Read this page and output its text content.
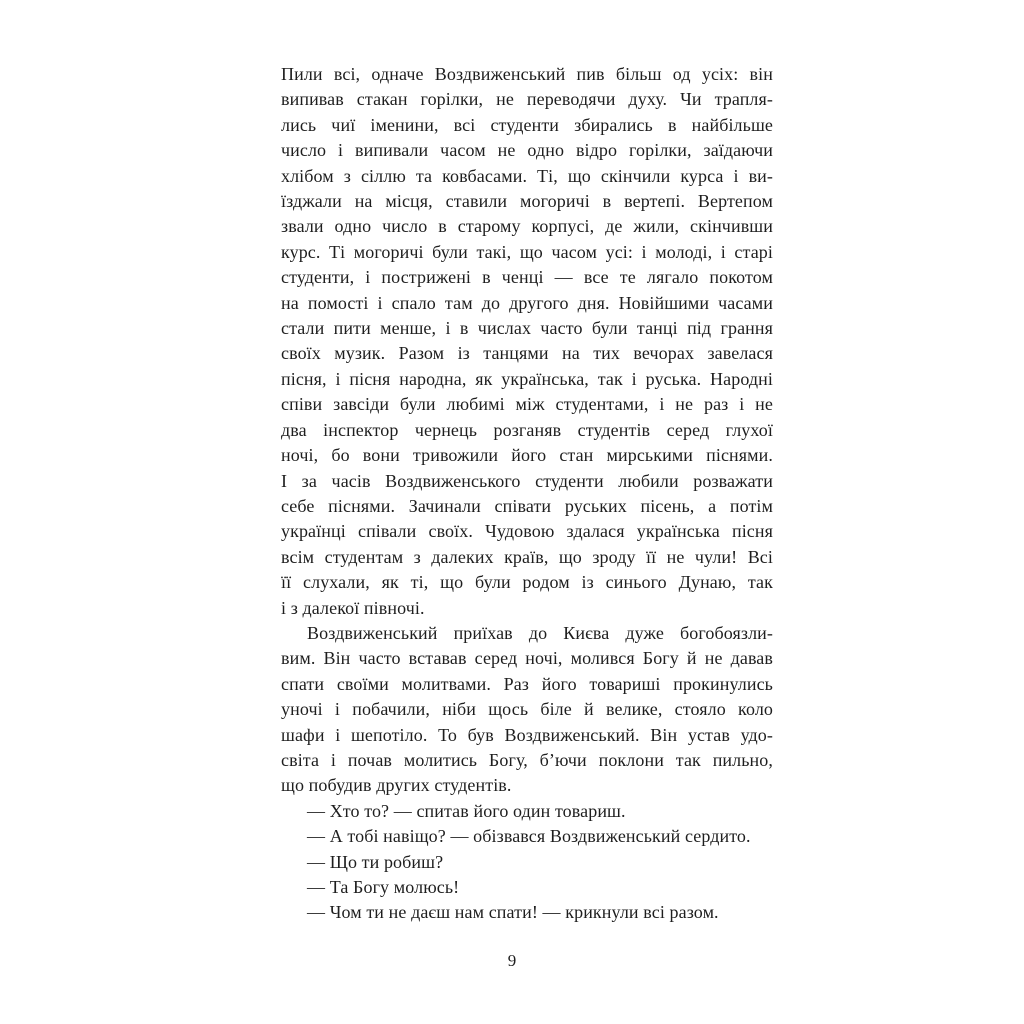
Пили всі, одначе Воздвиженський пив більш од усіх: він
випивав стакан горілки, не переводячи духу. Чи трапля-
лись чиї іменини, всі студенти збирались в найбільше
число і випивали часом не одно відро горілки, заїдаючи
хлібом з сіллю та ковбасами. Ті, що скінчили курса і ви-
їзджали на місця, ставили могоричі в вертепі. Вертепом
звали одно число в старому корпусі, де жили, скінчивши
курс. Ті могоричі були такі, що часом усі: і молоді, і старі
студенти, і пострижені в ченці — все те лягало покотом
на помості і спало там до другого дня. Новійшими часами
стали пити менше, і в числах часто були танці під грання
своїх музик. Разом із танцями на тих вечорах завелася
пісня, і пісня народна, як українська, так і руська. Народні
співи завсіди були любимі між студентами, і не раз і не
два інспектор чернець розганяв студентів серед глухої
ночі, бо вони тривожили його стан мирськими піснями.
І за часів Воздвиженського студенти любили розважати
себе піснями. Зачинали співати руських пісень, а потім
українці співали своїх. Чудовою здалася українська пісня
всім студентам з далеких країв, що зроду її не чули! Всі
її слухали, як ті, що були родом із синього Дунаю, так
і з далекої півночі.
Воздвиженський приїхав до Києва дуже богобоязли-
вим. Він часто вставав серед ночі, молився Богу й не давав
спати своїми молитвами. Раз його товариші прокинулись
уночі і побачили, ніби щось біле й велике, стояло коло
шафи і шепотіло. То був Воздвиженський. Він устав удо-
світа і почав молитись Богу, б’ючи поклони так пильно,
що побудив других студентів.
— Хто то? — спитав його один товариш.
— А тобі навіщо? — обізвався Воздвиженський сердито.
— Що ти робиш?
— Та Богу молюсь!
— Чом ти не даєш нам спати! — крикнули всі разом.
9
